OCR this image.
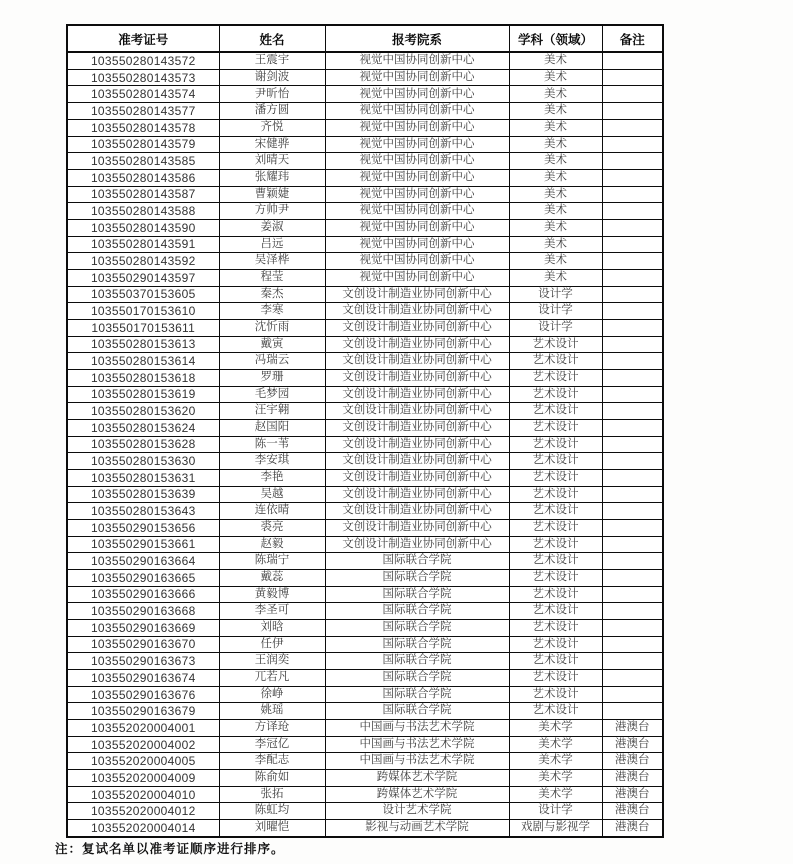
准考证号	姓名	报考院系	学科（领域）	备注
103550280143572	王震宇	视觉中国协同创新中心	美术	
103550280143573	谢剑波	视觉中国协同创新中心	美术	
103550280143574	尹昕怡	视觉中国协同创新中心	美术	
103550280143577	潘方圆	视觉中国协同创新中心	美术	
103550280143578	齐悦	视觉中国协同创新中心	美术	
103550280143579	宋健骅	视觉中国协同创新中心	美术	
103550280143585	刘晴天	视觉中国协同创新中心	美术	
103550280143586	张耀玮	视觉中国协同创新中心	美术	
103550280143587	曹颖婕	视觉中国协同创新中心	美术	
103550280143588	方帅尹	视觉中国协同创新中心	美术	
103550280143590	姜淑	视觉中国协同创新中心	美术	
103550280143591	吕远	视觉中国协同创新中心	美术	
103550280143592	吴泽桦	视觉中国协同创新中心	美术	
103550290143597	程莹	视觉中国协同创新中心	美术	
103550370153605	秦杰	文创设计制造业协同创新中心	设计学	
103550170153610	李寒	文创设计制造业协同创新中心	设计学	
103550170153611	沈忻雨	文创设计制造业协同创新中心	设计学	
103550280153613	戴寅	文创设计制造业协同创新中心	艺术设计	
103550280153614	冯瑞云	文创设计制造业协同创新中心	艺术设计	
103550280153618	罗珊	文创设计制造业协同创新中心	艺术设计	
103550280153619	毛梦园	文创设计制造业协同创新中心	艺术设计	
103550280153620	汪宇翱	文创设计制造业协同创新中心	艺术设计	
103550280153624	赵国阳	文创设计制造业协同创新中心	艺术设计	
103550280153628	陈一苇	文创设计制造业协同创新中心	艺术设计	
103550280153630	李安琪	文创设计制造业协同创新中心	艺术设计	
103550280153631	李艳	文创设计制造业协同创新中心	艺术设计	
103550280153639	吴越	文创设计制造业协同创新中心	艺术设计	
103550280153643	连依晴	文创设计制造业协同创新中心	艺术设计	
103550290153656	裘亮	文创设计制造业协同创新中心	艺术设计	
103550290153661	赵毅	文创设计制造业协同创新中心	艺术设计	
103550290163664	陈瑞宁	国际联合学院	艺术设计	
103550290163665	戴蕊	国际联合学院	艺术设计	
103550290163666	黄毅博	国际联合学院	艺术设计	
103550290163668	李圣可	国际联合学院	艺术设计	
103550290163669	刘晗	国际联合学院	艺术设计	
103550290163670	任伊	国际联合学院	艺术设计	
103550290163673	王润奕	国际联合学院	艺术设计	
103550290163674	兀若凡	国际联合学院	艺术设计	
103550290163676	徐峥	国际联合学院	艺术设计	
103550290163679	姚瑶	国际联合学院	艺术设计	
103552020004001	方译玱	中国画与书法艺术学院	美术学	港澳台
103552020004002	李冠亿	中国画与书法艺术学院	美术学	港澳台
103552020004005	李配志	中国画与书法艺术学院	美术学	港澳台
103552020004009	陈俞如	跨媒体艺术学院	美术学	港澳台
103552020004010	张拓	跨媒体艺术学院	美术学	港澳台
103552020004012	陈虹均	设计艺术学院	设计学	港澳台
103552020004014	刘曜恺	影视与动画艺术学院	戏剧与影视学	港澳台
注：复试名单以准考证顺序进行排序。
